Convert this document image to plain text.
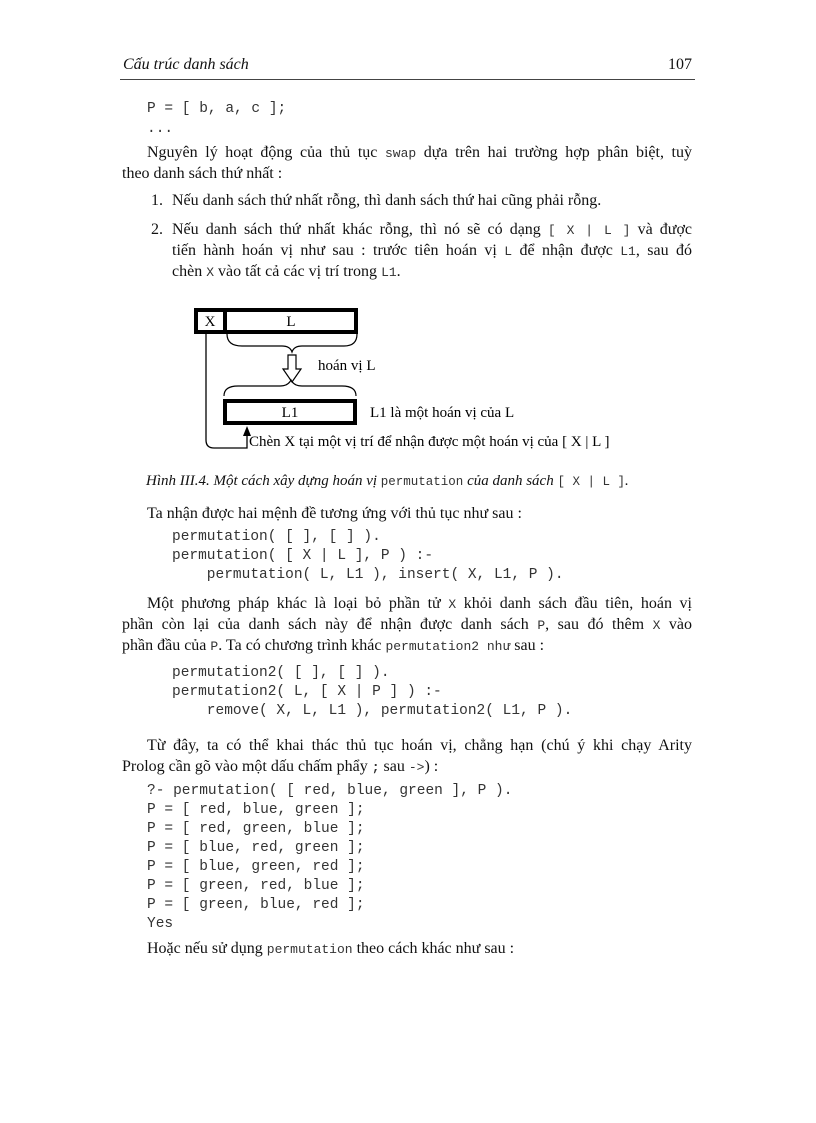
Cấu trúc danh sách	107
P = [ b, a, c ];
...
Nguyên lý hoạt động của thủ tục swap dựa trên hai trường hợp phân biệt, tuỳ
theo danh sách thứ nhất :
1. Nếu danh sách thứ nhất rỗng, thì danh sách thứ hai cũng phải rỗng.
2. Nếu danh sách thứ nhất khác rỗng, thì nó sẽ có dạng [ X | L ] và được
tiến hành hoán vị như sau : trước tiên hoán vị L để nhận được L1, sau đó
chèn X vào tất cả các vị trí trong L1.
X	L
hoán vị L
L1	L1 là một hoán vị của L
Chèn X tại một vị trí để nhận được một hoán vị của [ X | L ]
Hình III.4. Một cách xây dựng hoán vị permutation của danh sách [ X | L ].
Ta nhận được hai mệnh đề tương ứng với thủ tục như sau :
permutation( [ ], [ ] ).
permutation( [ X | L ], P ) :-
permutation( L, L1 ), insert( X, L1, P ).
Một phương pháp khác là loại bỏ phần tử X khỏi danh sách đầu tiên, hoán vị
phần còn lại của danh sách này để nhận được danh sách P, sau đó thêm X vào
phần đầu của P. Ta có chương trình khác permutation2 như sau :
permutation2( [ ], [ ] ).
permutation2( L, [ X | P ] ) :-
remove( X, L, L1 ), permutation2( L1, P ).
Từ đây, ta có thể khai thác thủ tục hoán vị, chẳng hạn (chú ý khi chạy Arity
Prolog cần gõ vào một dấu chấm phẩy ; sau ->) :
?- permutation( [ red, blue, green ], P ).
P = [ red, blue, green ];
P = [ red, green, blue ];
P = [ blue, red, green ];
P = [ blue, green, red ];
P = [ green, red, blue ];
P = [ green, blue, red ];
Yes
Hoặc nếu sử dụng permutation theo cách khác như sau :
